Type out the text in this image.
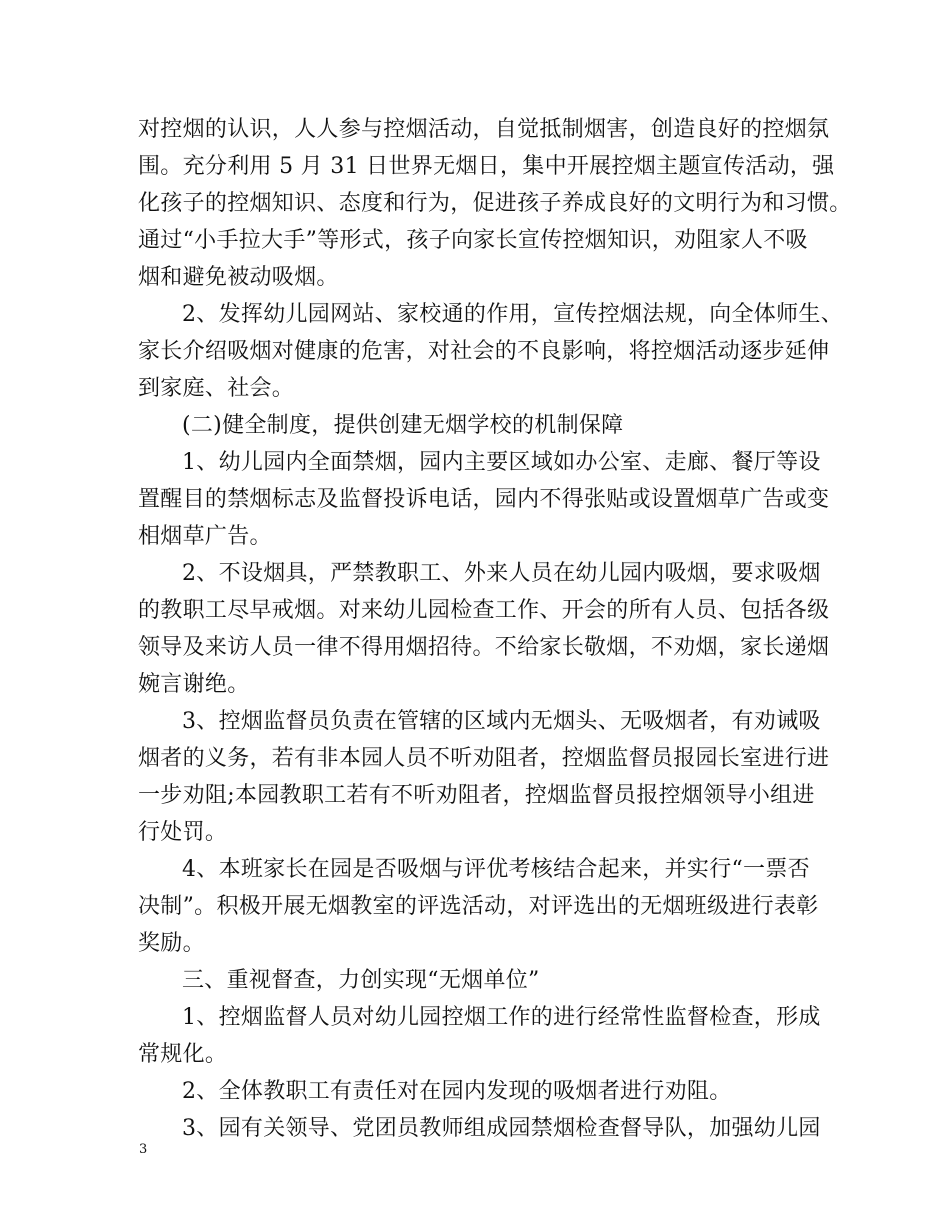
对控烟的认识，人人参与控烟活动，自觉抵制烟害，创造良好的控烟氛
围。充分利用 5 月 31 日世界无烟日，集中开展控烟主题宣传活动，强
化孩子的控烟知识、态度和行为，促进孩子养成良好的文明行为和习惯。
通过“小手拉大手”等形式，孩子向家长宣传控烟知识，劝阻家人不吸
烟和避免被动吸烟。
2、发挥幼儿园网站、家校通的作用，宣传控烟法规，向全体师生、
家长介绍吸烟对健康的危害，对社会的不良影响，将控烟活动逐步延伸
到家庭、社会。
(二)健全制度，提供创建无烟学校的机制保障
1、幼儿园内全面禁烟，园内主要区域如办公室、走廊、餐厅等设
置醒目的禁烟标志及监督投诉电话，园内不得张贴或设置烟草广告或变
相烟草广告。
2、不设烟具，严禁教职工、外来人员在幼儿园内吸烟，要求吸烟
的教职工尽早戒烟。对来幼儿园检查工作、开会的所有人员、包括各级
领导及来访人员一律不得用烟招待。不给家长敬烟，不劝烟，家长递烟
婉言谢绝。
3、控烟监督员负责在管辖的区域内无烟头、无吸烟者，有劝诫吸
烟者的义务，若有非本园人员不听劝阻者，控烟监督员报园长室进行进
一步劝阻;本园教职工若有不听劝阻者，控烟监督员报控烟领导小组进
行处罚。
4、本班家长在园是否吸烟与评优考核结合起来，并实行“一票否
决制”。积极开展无烟教室的评选活动，对评选出的无烟班级进行表彰
奖励。
三、重视督查，力创实现“无烟单位”
1、控烟监督人员对幼儿园控烟工作的进行经常性监督检查，形成
常规化。
2、全体教职工有责任对在园内发现的吸烟者进行劝阻。
3、园有关领导、党团员教师组成园禁烟检查督导队，加强幼儿园
3
